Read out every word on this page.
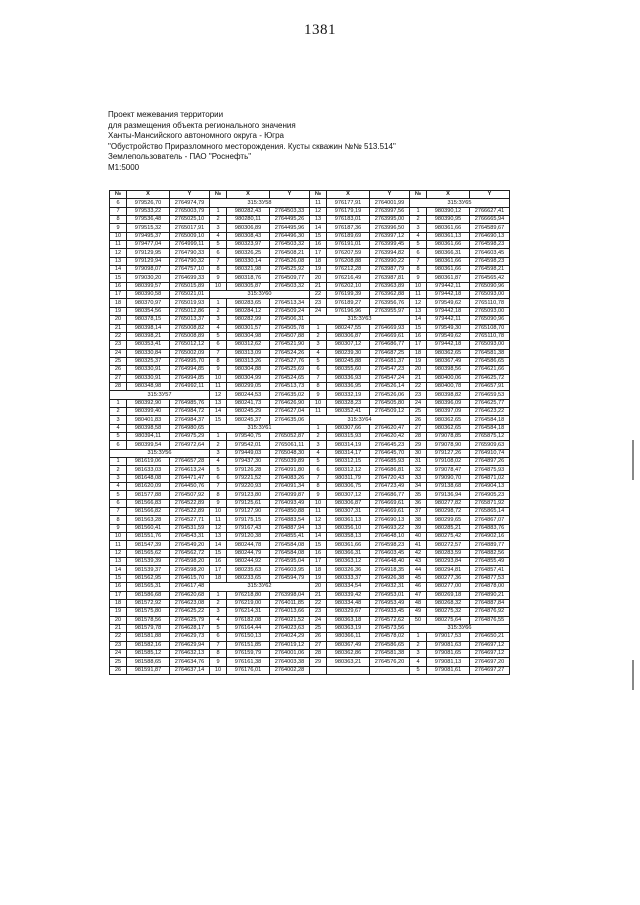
1381
Проект межевания территории
для размещения объекта регионального значения
Ханты-Мансийского автономного округа - Югра
"Обустройство Приразломного месторождения. Кусты скважин №№ 513.514"
Землепользователь - ПАО "Роснефть"
М1:5000
№	X	Y	№	X	Y	№	X	Y	№	X	Y
6	979526,70	2764974,79	315:ЗУ58			11	976177,91	2764001,99	315:ЗУ65		
7	979533,22	2765003,79	1	980282,43	2764503,33	12	976179,19	2763997,56	1	980390,12	2766627,41
8	979536,48	2765025,10	2	980280,11	2764495,26	13	976183,01	2763995,00	2	980390,95	2766665,94
9	979515,32	2765017,91	3	980306,89	2764495,96	14	976187,36	2763996,50	3	980361,66	2764589,67
10	979495,37	2765009,10	4	980308,43	2764496,30	15	976189,69	2763997,12	4	980361,13	2764690,13
11	979477,04	2764999,11	5	980323,97	2764503,32	16	976191,01	2763999,45	5	980361,66	2764598,23
12	979129,95	2764790,33	6	980326,25	2764508,21	17	976207,59	2763994,82	6	980366,31	2764603,45
13	979129,94	2764790,32	7	980330,14	2764526,08	18	976208,88	2763990,22	7	980361,66	2764598,23
14	979098,07	2764757,10	8	980321,98	2764525,92	19	976212,28	2763987,79	8	980361,66	2764598,21
15	979030,20	2764699,33	9	980318,76	2764509,77	20	976216,49	2763987,81	9	980361,87	2764565,42
16	980399,57	2765015,89	10	980305,87	2764503,32	21	976202,10	2763963,89	10	979442,11	2765090,96
17	980390,58	2765021,01	315:ЗУ60			22	976199,39	2763962,88	11	979442,18	2765093,00
18	980370,97	2765019,93	1	980283,65	2764513,34	23	976189,27	2763956,76	12	979549,62	2765110,78
19	980354,56	2765012,86	2	980284,12	2764509,24	24	976196,96	2763955,97	13	979442,18	2765093,00
20	980378,15	2765013,37	3	980282,99	2764506,31	315:ЗУ63			14	979442,11	2765090,96
21	980398,14	2765008,82	4	980301,57	2764505,78	1	980247,55	2764669,93	15	979549,30	2765108,70
22	980398,21	2765008,89	5	980304,98	2764507,88	2	980306,87	2764669,61	16	979549,62	2765110,78
23	980353,41	2765012,12	6	980312,62	2764521,90	3	980307,12	2764686,77	17	979442,18	2765093,00
24	980330,84	2765002,09	7	980313,09	2764524,26	4	980239,30	2764687,25	18	980362,65	2764581,38
25	980325,37	2764995,70	8	980313,26	2764527,76	5	980245,88	2764681,37	19	980367,49	2764586,65
26	980330,91	2764994,85	9	980304,88	2764525,69	6	980355,60	2764547,23	20	980398,56	2764621,66
27	980330,91	2764994,85	10	980304,99	2764524,65	7	980336,93	2764547,24	21	980400,06	2764625,72
28	980348,98	2764992,11	11	980299,05	2764513,73	8	980336,95	2764526,14	22	980400,78	2764657,91
315:ЗУ57			12	980244,53	2764635,02	9	980332,19	2764526,06	23	980398,82	2764659,53
1	980392,90	2764985,76	13	980241,73	2764626,90	10	980328,23	2764505,80	24	980396,09	2764625,77
2	980399,40	2764984,72	14	980245,29	2764627,04	11	980352,41	2764509,12	25	980397,09	2764623,22
3	980401,83	2764984,37	15	980245,37	2764635,06	315:ЗУ64			26	980362,65	2764584,18
4	980398,58	2764980,65	315:ЗУ61			1	980307,66	2764620,47	27	980362,65	2764584,18
5	980394,11	2764975,29	1	979540,75	2765052,87	2	980315,93	2764620,42	28	979078,85	2765875,12
6	980399,54	2764972,64	2	979542,01	2765061,11	3	980314,19	2764645,23	29	979078,90	2765909,63
315:ЗУ56			3	979449,03	2765048,30	4	980314,17	2764645,70	30	979127,26	2764910,74
1	981619,06	2764657,28	4	979437,30	2765039,89	5	980312,15	2764685,93	31	979108,02	2764897,26
2	981633,03	2764613,24	5	979126,28	2764091,80	6	980312,12	2764686,81	32	979078,47	2764875,93
3	981648,08	2764471,47	6	979221,52	2764083,26	7	980311,79	2764720,43	33	979090,70	2764871,02
4	981620,09	2764450,76	7	979220,93	2764091,34	8	980306,75	2764723,49	34	979138,68	2764904,13
5	981577,88	2764507,92	8	979123,80	2764099,87	9	980307,12	2764686,77	35	979136,94	2764905,23
6	981566,83	2764522,89	9	979125,61	2764093,49	10	980306,87	2764669,61	36	980277,82	2765871,92
7	981566,82	2764522,89	10	979127,90	2764850,88	11	980307,31	2764669,61	37	980298,72	2765865,14
8	981563,28	2764527,71	11	979175,15	2764883,54	12	980361,13	2764690,13	38	980299,65	2764867,07
9	981560,41	2764531,59	12	979167,43	2764887,94	13	980356,10	2764693,22	39	980285,21	2764883,76
10	981551,76	2764543,31	13	979120,38	2764855,41	14	980358,13	2764648,10	40	980275,42	2764902,16
11	981547,39	2764549,20	14	980244,78	2764584,08	15	980361,66	2764598,23	41	980272,57	2764889,77
12	981565,62	2764562,72	15	980244,79	2764584,08	16	980366,31	2764603,45	42	980283,59	2764882,56
13	981539,39	2764598,20	16	980244,92	2764595,04	17	980363,12	2764648,40	43	980293,84	2764855,49
14	981539,37	2764598,20	17	980235,63	2764603,95	18	980326,36	2764918,35	44	980294,81	2764857,41
15	981562,95	2764615,70	18	980233,65	2764594,79	19	980333,37	2764926,38	45	980277,36	2764877,53
16	981565,31	2764617,48	315:ЗУ62			20	980334,54	2764932,31	46	980277,00	2764878,00
17	981586,68	2764620,68	1	976218,80	2763998,04	21	980339,42	2764953,01	47	980269,18	2764890,21
18	981572,92	2764623,08	2	976219,00	2764011,85	22	980334,48	2764953,49	48	980268,32	2764887,84
19	981575,80	2764625,22	3	976214,31	2764013,66	23	980329,67	2764933,45	49	980275,32	2764876,92
20	981578,56	2764625,79	4	976182,08	2764021,52	24	980363,18	2764572,62	50	980275,64	2764876,55
21	981579,78	2764628,17	5	976164,44	2764023,63	25	980363,19	2764573,56	315:ЗУ66		
22	981581,88	2764629,73	6	976150,13	2764024,29	26	980366,11	2764578,02	1	979017,53	2764650,21
23	981582,16	2764629,94	7	976151,85	2764019,12	27	980367,49	2764586,65	2	979081,63	2764697,12
24	981585,12	2764632,13	8	976159,79	2764001,06	28	980362,86	2764581,38	3	979081,65	2764697,12
25	981588,65	2764634,76	9	976161,38	2764003,38	29	980363,21	2764576,20	4	979081,13	2764697,20
26	981591,87	2764637,14	10	976176,01	2764002,28				5	979081,61	2764697,27
